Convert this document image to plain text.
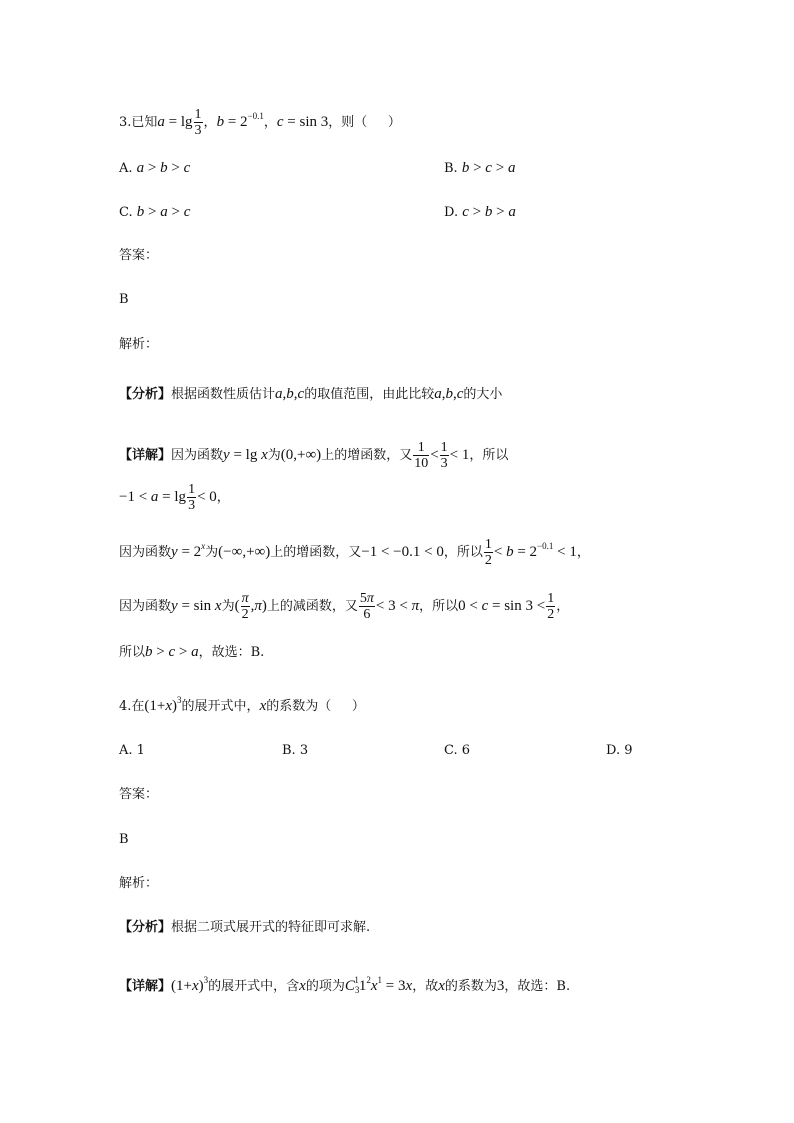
3.已知$a = \lg \frac{1}{3}$ ，$b = 2^{-0.1}$，c = sin 3，则（     ）
A. a > b > c	B. b > c > a
C. b > a > c	D. c > b > a
答案：
B
解析：
【分析】根据函数性质估计a,b,c的取值范围，由此比较a,b,c的大小
【详解】因为函数y = lg x为(0,+∞)上的增函数，又 $\frac{1}{10} < \frac{1}{3} < 1$，所以
$-1 < a = \lg \frac{1}{3} < 0$，
因为函数$y = 2^x$为(−∞,+∞)上的增函数，又−1 < −0.1 < 0，所以 $\frac{1}{2} < b = 2^{-0.1} < 1$，
因为函数y = sin x为( $\frac{\pi}{2} ,\pi$)上的减函数，又 $\frac{5\pi}{6} < 3 < \pi$，所以$0 < c = \sin 3 < \frac{1}{2}$ ，
所以b > c > a，故选：B.
4.在$(1+x)^3$的展开式中，x的系数为（     ）
A. 1	B. 3	C. 6	D. 9
答案：
B
解析：
【分析】根据二项式展开式的特征即可求解.
【详解】$(1+x)^3$的展开式中，含x的项为$C_3^11^2x^1 = 3x$，故x的系数为3，故选：B.
